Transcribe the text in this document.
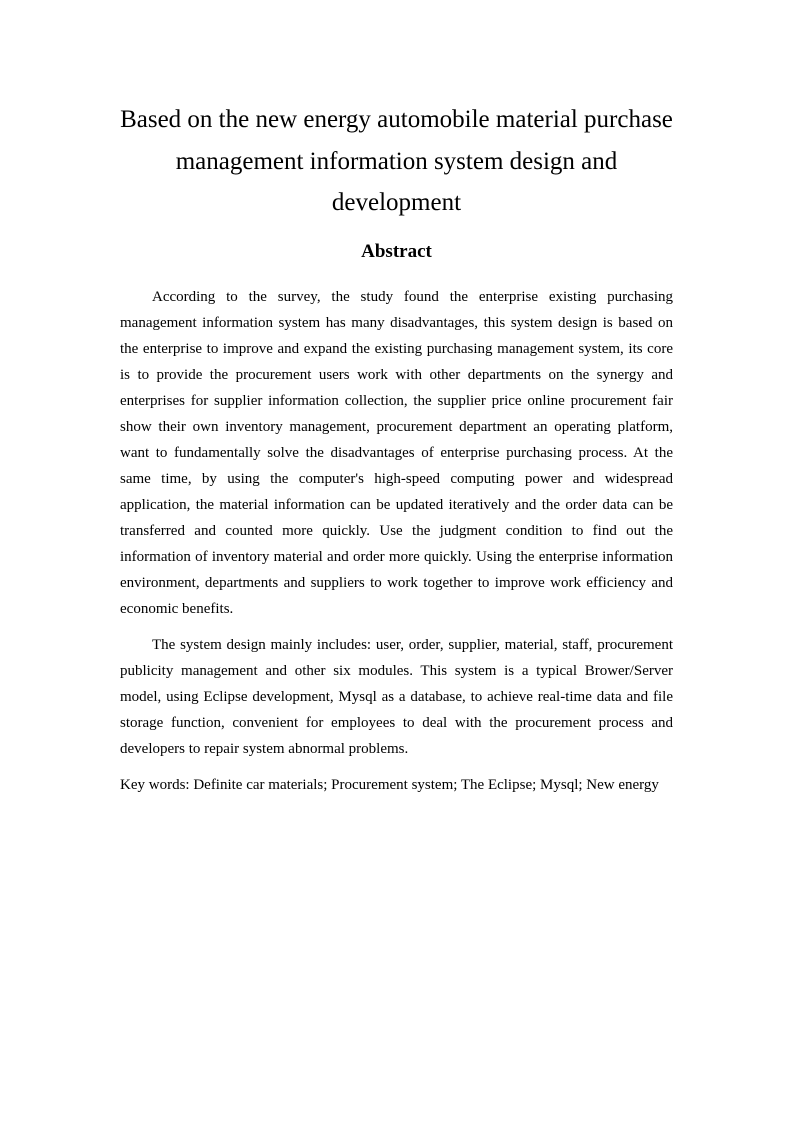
Based on the new energy automobile material purchase
management information system design and
development
Abstract

According to the survey, the study found the enterprise existing purchasing management information system has many disadvantages, this system design is based on the enterprise to improve and expand the existing purchasing management system, its core is to provide the procurement users work with other departments on the synergy and enterprises for supplier information collection, the supplier price online procurement fair show their own inventory management, procurement department an operating platform, want to fundamentally solve the disadvantages of enterprise purchasing process. At the same time, by using the computer's high-speed computing power and widespread application, the material information can be updated iteratively and the order data can be transferred and counted more quickly. Use the judgment condition to find out the information of inventory material and order more quickly. Using the enterprise information environment, departments and suppliers to work together to improve work efficiency and economic benefits.

The system design mainly includes: user, order, supplier, material, staff, procurement publicity management and other six modules. This system is a typical Brower/Server model, using Eclipse development, Mysql as a database, to achieve real-time data and file storage function, convenient for employees to deal with the procurement process and developers to repair system abnormal problems.

Key words: Definite car materials; Procurement system; The Eclipse; Mysql; New energy
